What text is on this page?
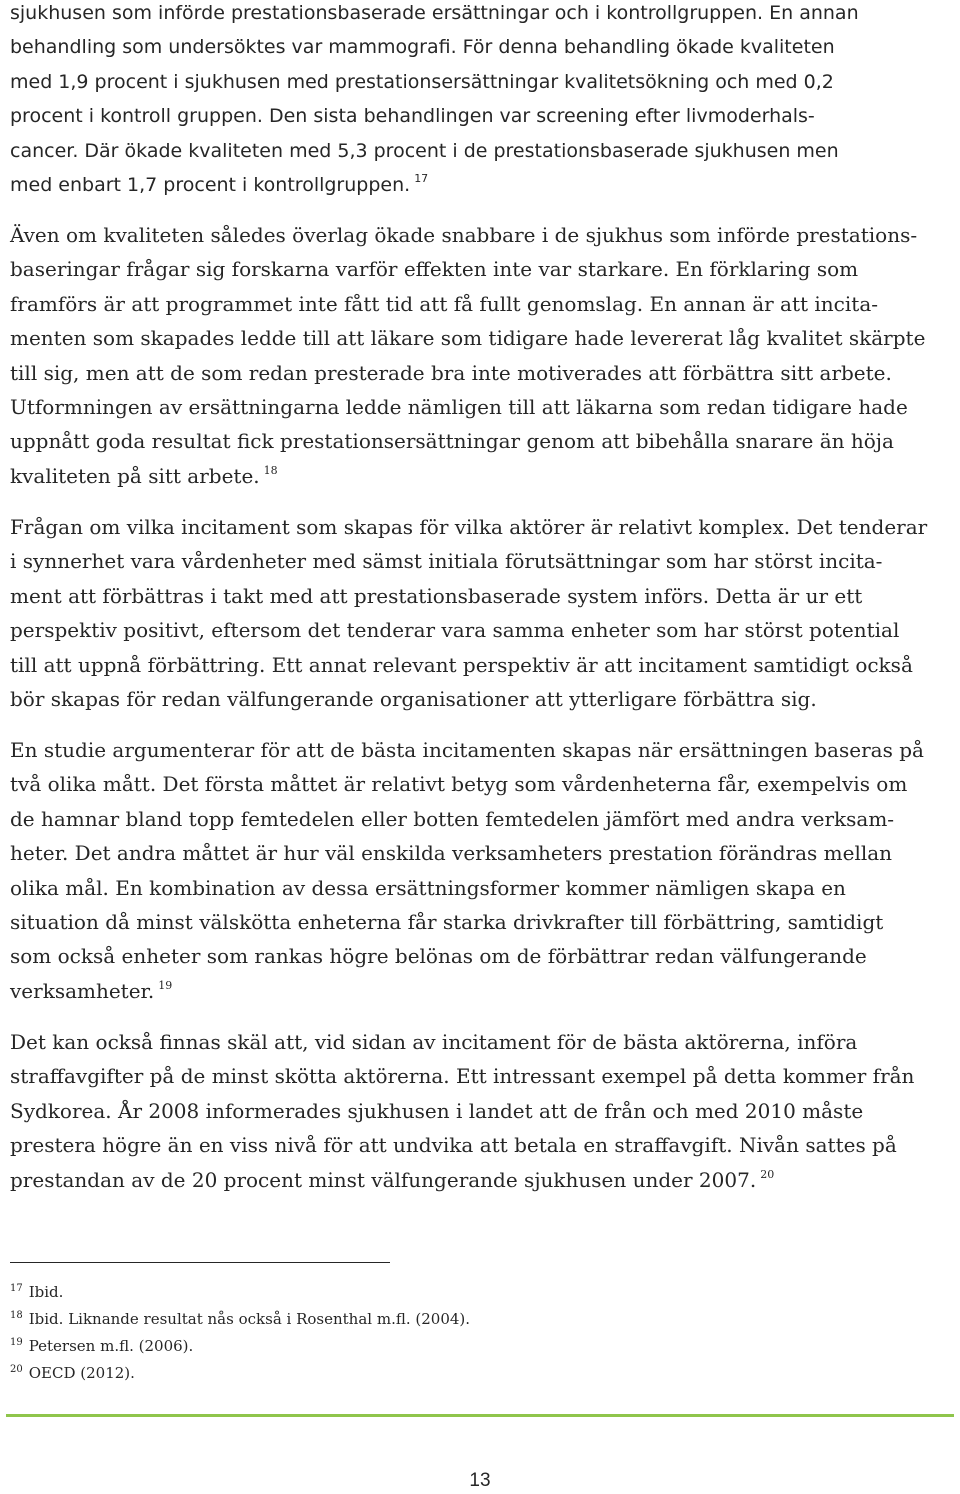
sjukhusen som införde prestationsbaserade ersättningar och i kontrollgruppen. En annan
behandling som undersöktes var mammografi. För denna behandling ökade kvaliteten
med 1,9 procent i sjukhusen med prestationsersättningar kvalitetsökning och med 0,2
procent i kontroll gruppen. Den sista behandlingen var screening efter livmoderhals-

cancer. Där ökade kvaliteten med 5,3 procent i de prestationsbaserade sjukhusen men
med enbart 1,7 procent i kontrollgruppen. $^{17}$

Även om kvaliteten således överlag ökade snabbare i de sjukhus som införde prestations-
baseringar frågar sig forskarna varför effekten inte var starkare. En förklaring som
framförs är att programmet inte fått tid att få fullt genomslag. En annan är att incita-
menten som skapades ledde till att läkare som tidigare hade levererat låg kvalitet skärpte
till sig, men att de som redan presterade bra inte motiverades att förbättra sitt arbete.
Utformningen av ersättningarna ledde nämligen till att läkarna som redan tidigare hade
uppnått goda resultat fick prestationsersättningar genom att bibehålla snarare än höja
kvaliteten på sitt arbete. $^{18}$

Frågan om vilka incitament som skapas för vilka aktörer är relativt komplex. Det tenderar
i synnerhet vara vårdenheter med sämst initiala förutsättningar som har störst incita-
ment att förbättras i takt med att prestationsbaserade system införs. Detta är ur ett
perspektiv positivt, eftersom det tenderar vara samma enheter som har störst potential
till att uppnå förbättring. Ett annat relevant perspektiv är att incitament samtidigt också
bör skapas för redan välfungerande organisationer att ytterligare förbättra sig.

En studie argumenterar för att de bästa incitamenten skapas när ersättningen baseras på
två olika mått. Det första måttet är relativt betyg som vårdenheterna får, exempelvis om
de hamnar bland topp femtedelen eller botten femtedelen jämfört med andra verksam-
heter. Det andra måttet är hur väl enskilda verksamheters prestation förändras mellan
olika mål. En kombination av dessa ersättningsformer kommer nämligen skapa en
situation då minst välskötta enheterna får starka drivkrafter till förbättring, samtidigt
som också enheter som rankas högre belönas om de förbättrar redan välfungerande
verksamheter. $^{19}$

Det kan också finnas skäl att, vid sidan av incitament för de bästa aktörerna, införa
straffavgifter på de minst skötta aktörerna. Ett intressant exempel på detta kommer från
Sydkorea. År 2008 informerades sjukhusen i landet att de från och med 2010 måste
prestera högre än en viss nivå för att undvika att betala en straffavgift. Nivån sattes på
prestandan av de 20 procent minst välfungerande sjukhusen under 2007. $^{20}$

$^{17}$ Ibid.
$^{18}$ Ibid. Liknande resultat nås också i Rosenthal m.fl. (2004).
$^{19}$ Petersen m.fl. (2006).
$^{20}$ OECD (2012).
13
